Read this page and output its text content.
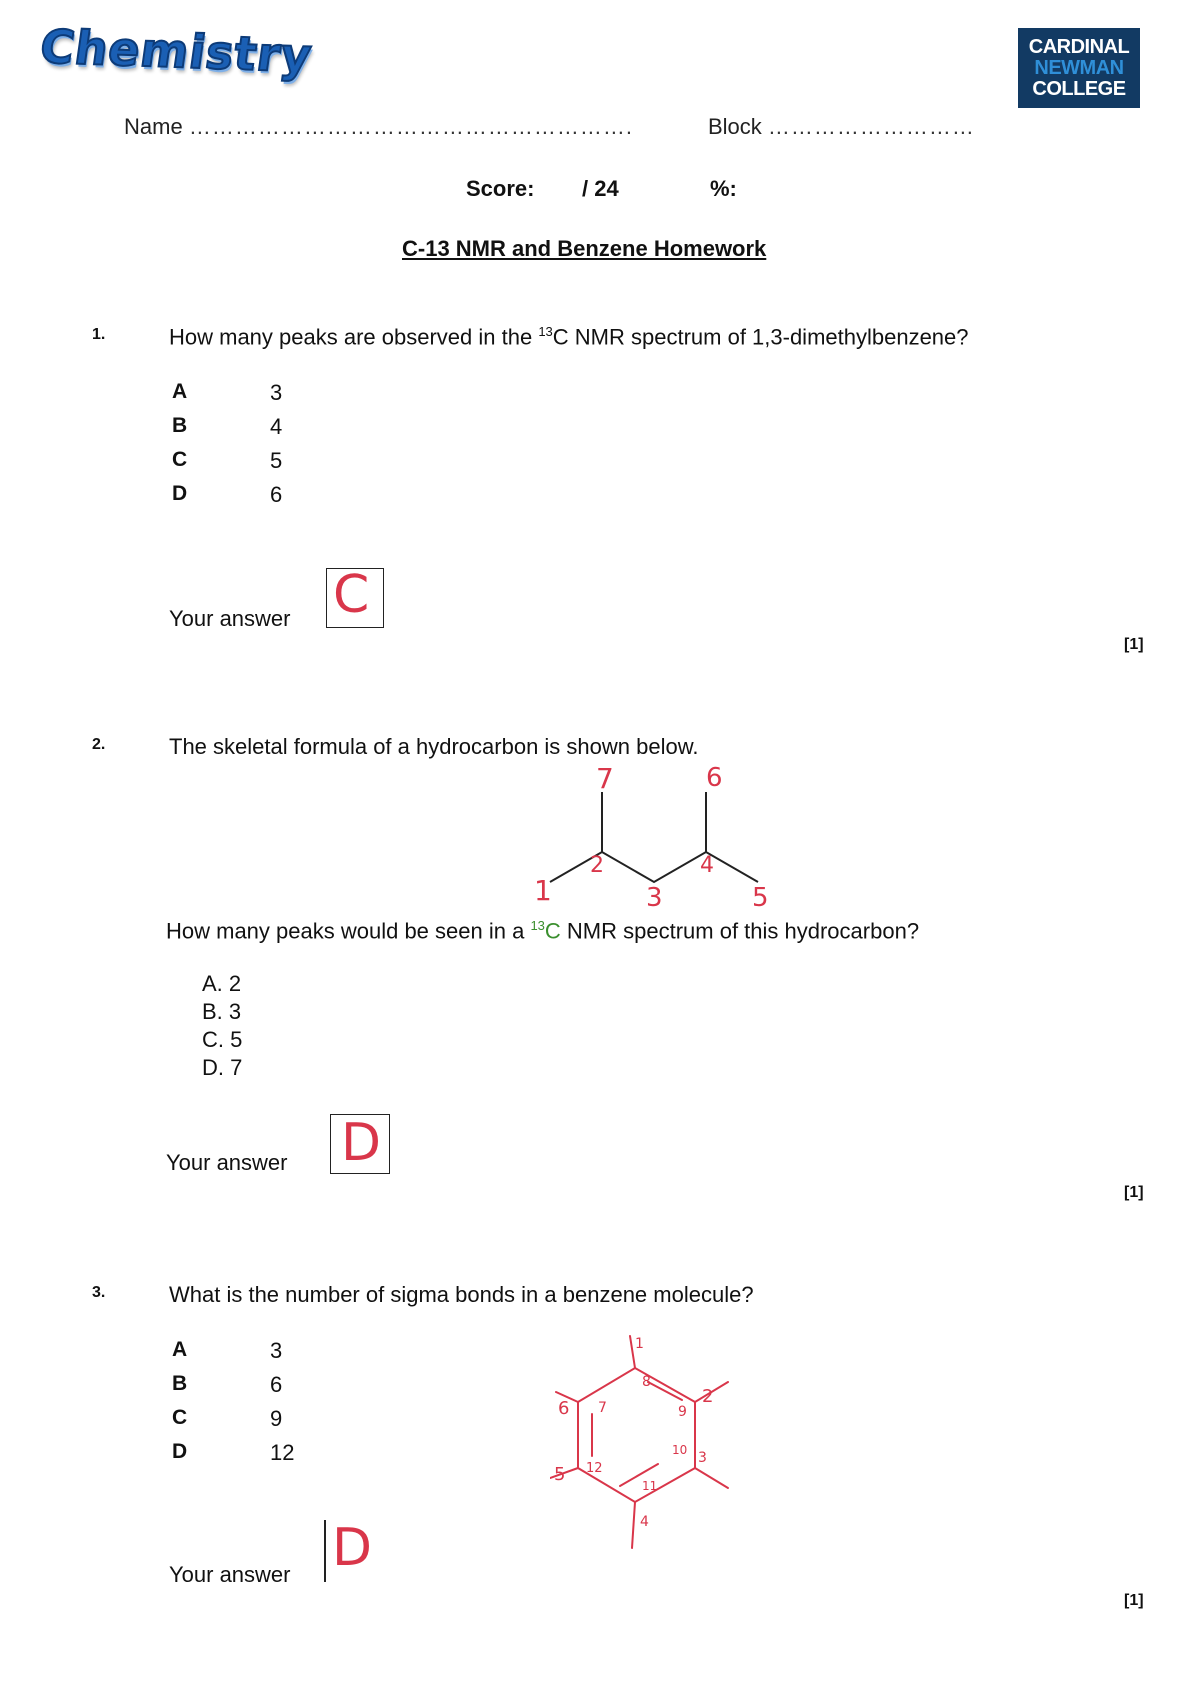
Chemistry	CARDINAL
NEWMAN
COLLEGE
Name ………………………………………………….	Block ………………………
Score: / 24	%:
C-13 NMR and Benzene Homework
1.	How many peaks are observed in the $^{13}$C NMR spectrum of 1,3-dimethylbenzene?
A	3
B	4
C	5
D	6
Your answer C
[1]
2.	The skeletal formula of a hydrocarbon is shown below.
1
2
3
4
5
6
7
How many peaks would be seen in a $^{13}$C NMR spectrum of this hydrocarbon?
A. 2
B. 3
C. 5
D. 7
Your answer D
[1]
3.	What is the number of sigma bonds in a benzene molecule?
A	3
B	6
C	9
D	12
1
2
3
4
5
6 7
8
9
10
11
12
Your answer D
[1]
